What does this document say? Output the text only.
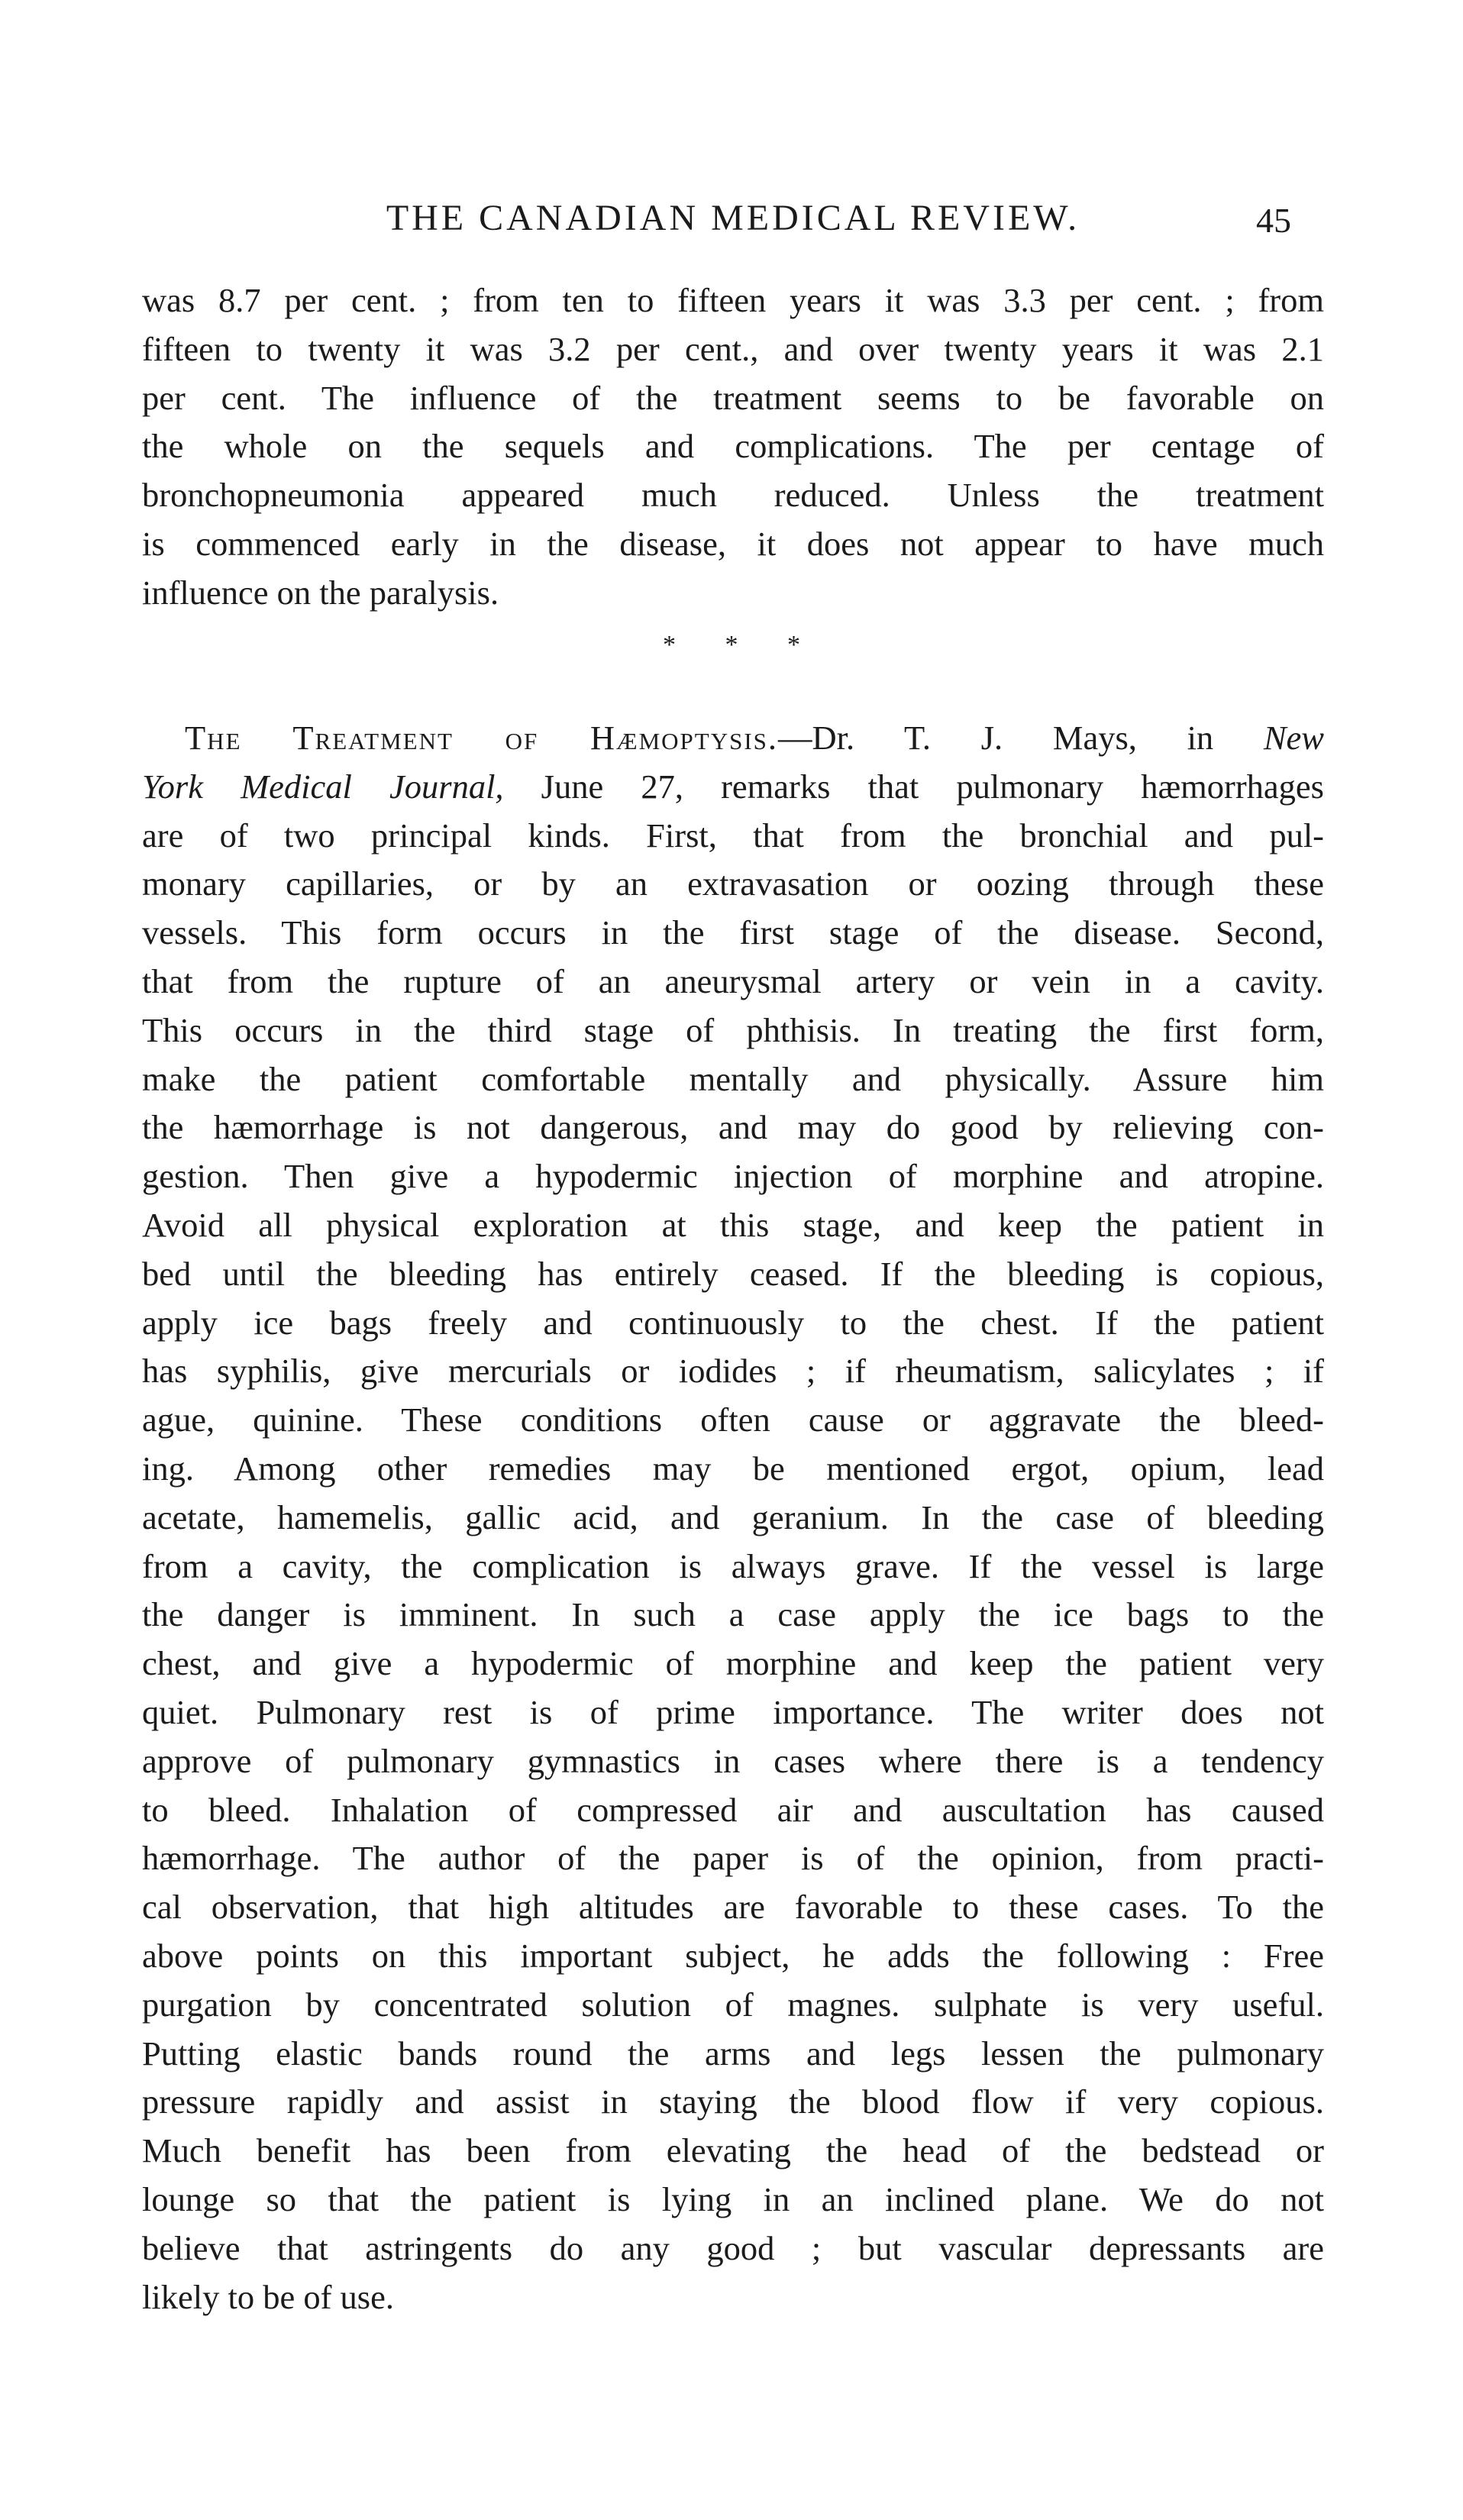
THE CANADIAN MEDICAL REVIEW.	45
was 8.7 per cent. ; from ten to fifteen years it was 3.3 per cent. ; from
fifteen to twenty it was 3.2 per cent., and over twenty years it was 2.1
per cent. The influence of the treatment seems to be favorable on
the whole on the sequels and complications. The per centage of
bronchopneumonia appeared much reduced. Unless the treatment
is commenced early in the disease, it does not appear to have much
influence on the paralysis.
* * *
The Treatment of Hæmoptysis.—Dr. T. J. Mays, in New
York Medical Journal, June 27, remarks that pulmonary hæmorrhages
are of two principal kinds. First, that from the bronchial and pul-
monary capillaries, or by an extravasation or oozing through these
vessels. This form occurs in the first stage of the disease. Second,
that from the rupture of an aneurysmal artery or vein in a cavity.
This occurs in the third stage of phthisis. In treating the first form,
make the patient comfortable mentally and physically. Assure him
the hæmorrhage is not dangerous, and may do good by relieving con-
gestion. Then give a hypodermic injection of morphine and atropine.
Avoid all physical exploration at this stage, and keep the patient in
bed until the bleeding has entirely ceased. If the bleeding is copious,
apply ice bags freely and continuously to the chest. If the patient
has syphilis, give mercurials or iodides ; if rheumatism, salicylates ; if
ague, quinine. These conditions often cause or aggravate the bleed-
ing. Among other remedies may be mentioned ergot, opium, lead
acetate, hamemelis, gallic acid, and geranium. In the case of bleeding
from a cavity, the complication is always grave. If the vessel is large
the danger is imminent. In such a case apply the ice bags to the
chest, and give a hypodermic of morphine and keep the patient very
quiet. Pulmonary rest is of prime importance. The writer does not
approve of pulmonary gymnastics in cases where there is a tendency
to bleed. Inhalation of compressed air and auscultation has caused
hæmorrhage. The author of the paper is of the opinion, from practi-
cal observation, that high altitudes are favorable to these cases. To the
above points on this important subject, he adds the following : Free
purgation by concentrated solution of magnes. sulphate is very useful.
Putting elastic bands round the arms and legs lessen the pulmonary
pressure rapidly and assist in staying the blood flow if very copious.
Much benefit has been from elevating the head of the bedstead or
lounge so that the patient is lying in an inclined plane. We do not
believe that astringents do any good ; but vascular depressants are
likely to be of use.
